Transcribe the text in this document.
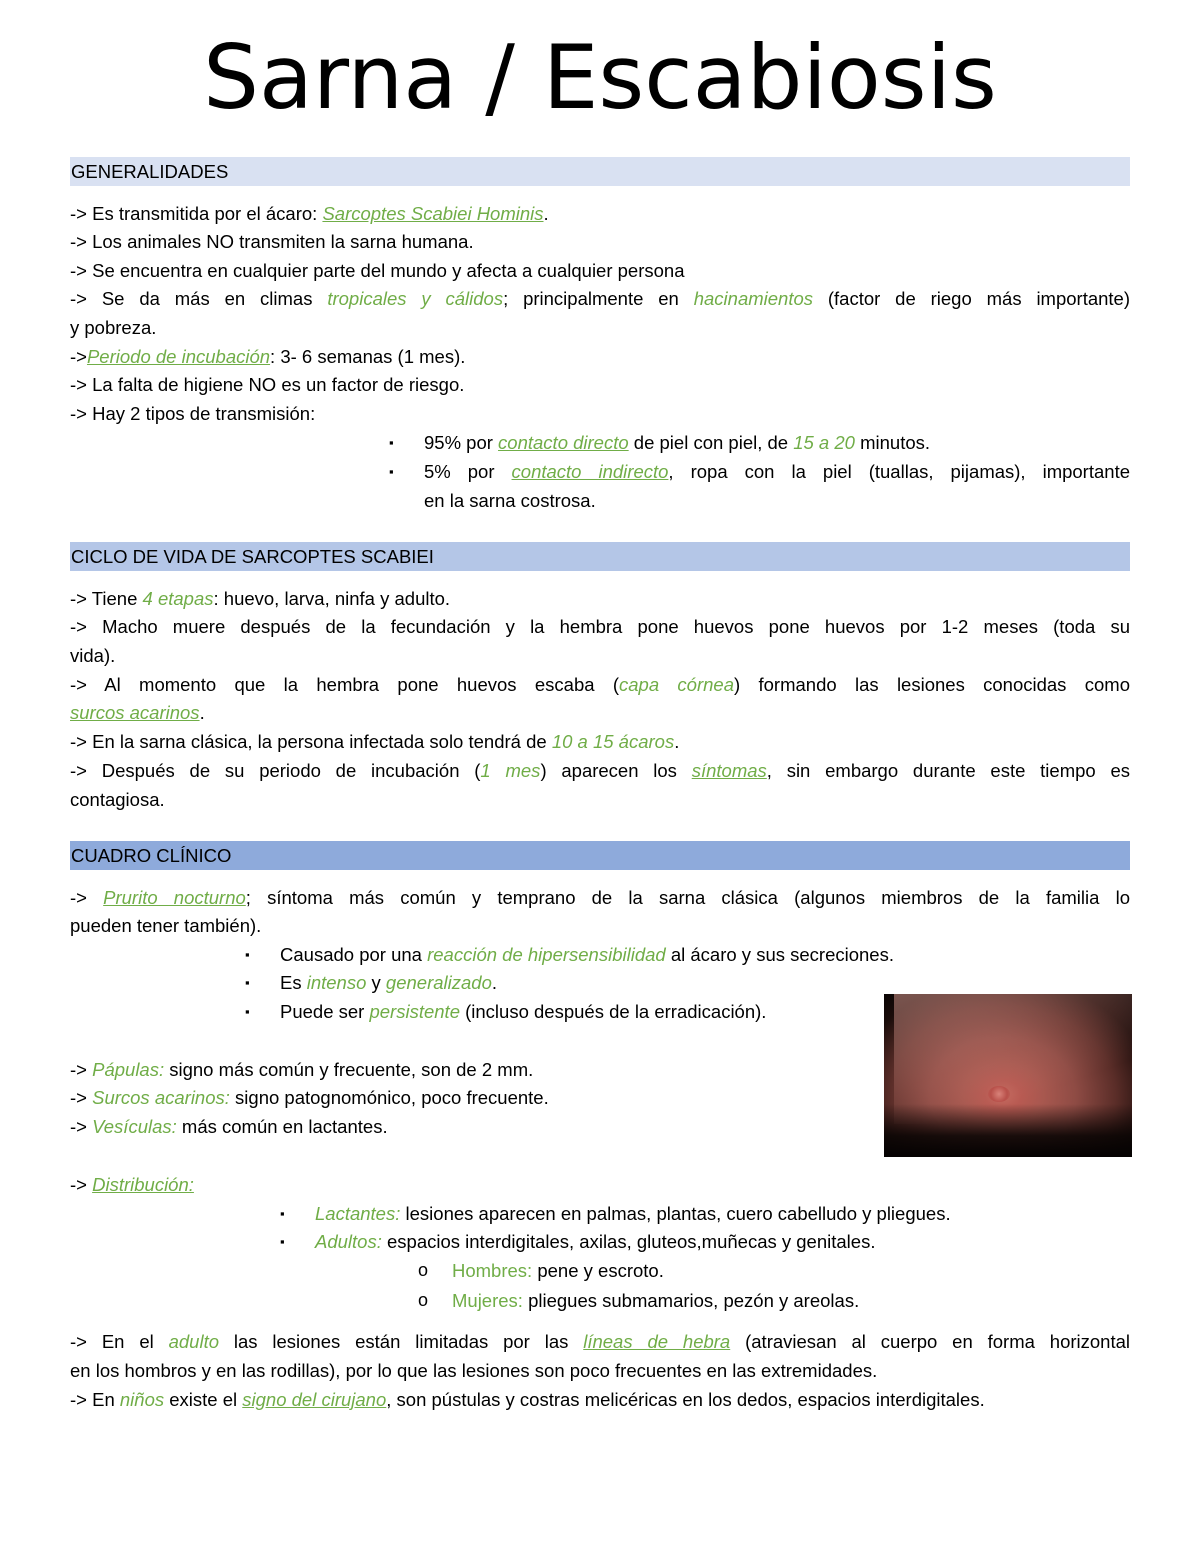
Sarna / Escabiosis
GENERALIDADES
-> Es transmitida por el ácaro: Sarcoptes Scabiei Hominis.
-> Los animales NO transmiten la sarna humana.
-> Se encuentra en cualquier parte del mundo y afecta a cualquier persona
-> Se da más en climas tropicales y cálidos; principalmente en hacinamientos (factor de riego más importante)
y pobreza.
->Periodo de incubación: 3- 6 semanas (1 mes).
-> La falta de higiene NO es un factor de riesgo.
-> Hay 2 tipos de transmisión:
▪ 95% por contacto directo de piel con piel, de 15 a 20 minutos.
▪ 5% por contacto indirecto, ropa con la piel (tuallas, pijamas), importante
en la sarna costrosa.
CICLO DE VIDA DE SARCOPTES SCABIEI
-> Tiene 4 etapas: huevo, larva, ninfa y adulto.
-> Macho muere después de la fecundación y la hembra pone huevos pone huevos por 1-2 meses (toda su
vida).
-> Al momento que la hembra pone huevos escaba (capa córnea) formando las lesiones conocidas como
surcos acarinos.
-> En la sarna clásica, la persona infectada solo tendrá de 10 a 15 ácaros.
-> Después de su periodo de incubación (1 mes) aparecen los síntomas, sin embargo durante este tiempo es
contagiosa.
CUADRO CLÍNICO
-> Prurito nocturno; síntoma más común y temprano de la sarna clásica (algunos miembros de la familia lo
pueden tener también).
▪ Causado por una reacción de hipersensibilidad al ácaro y sus secreciones.
▪ Es intenso y generalizado.
▪ Puede ser persistente (incluso después de la erradicación).
-> Pápulas: signo más común y frecuente, son de 2 mm.
-> Surcos acarinos: signo patognomónico, poco frecuente.
-> Vesículas: más común en lactantes.
-> Distribución:
▪ Lactantes: lesiones aparecen en palmas, plantas, cuero cabelludo y pliegues.
▪ Adultos: espacios interdigitales, axilas, gluteos,muñecas y genitales.
o Hombres: pene y escroto.
o Mujeres: pliegues submamarios, pezón y areolas.
-> En el adulto las lesiones están limitadas por las líneas de hebra (atraviesan al cuerpo en forma horizontal
en los hombros y en las rodillas), por lo que las lesiones son poco frecuentes en las extremidades.
-> En niños existe el signo del cirujano, son pústulas y costras melicéricas en los dedos, espacios interdigitales.
